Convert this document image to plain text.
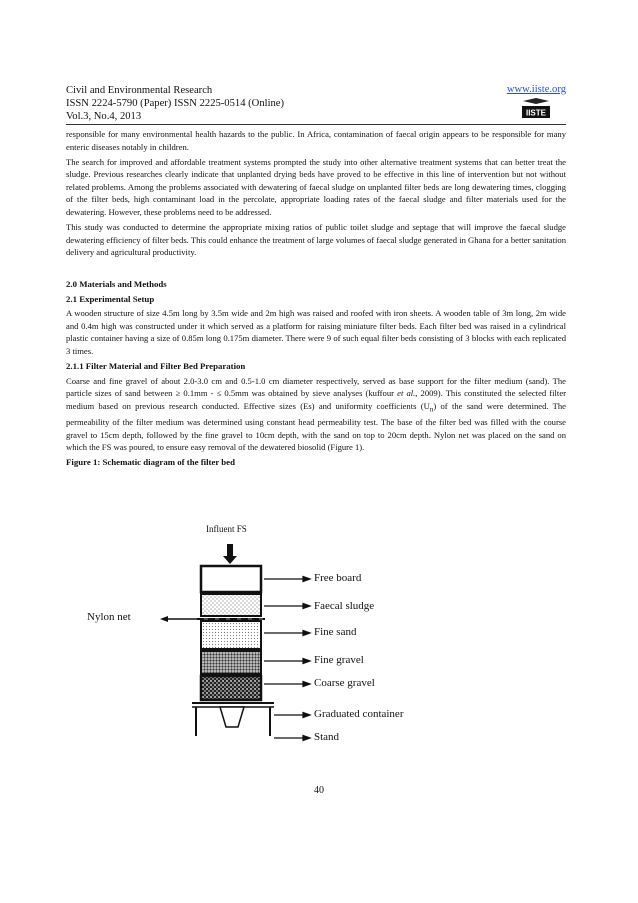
Civil and Environmental Research
ISSN 2224-5790 (Paper) ISSN 2225-0514 (Online)
Vol.3, No.4, 2013
www.iiste.org
IISTE

responsible for many environmental health hazards to the public. In Africa, contamination of faecal origin appears to be responsible for many enteric diseases notably in children.

The search for improved and affordable treatment systems prompted the study into other alternative treatment systems that can better treat the sludge. Previous researches clearly indicate that unplanted drying beds have proved to be effective in this line of intervention but not without related problems. Among the problems associated with dewatering of faecal sludge on unplanted filter beds are long dewatering times, clogging of the filter beds, high contaminant load in the percolate, appropriate loading rates of the faecal sludge and filter materials used for the dewatering. However, these problems need to be addressed.

This study was conducted to determine the appropriate mixing ratios of public toilet sludge and septage that will improve the faecal sludge dewatering efficiency of filter beds. This could enhance the treatment of large volumes of faecal sludge generated in Ghana for a better sanitation delivery and agricultural productivity.

2.0 Materials and Methods
2.1 Experimental Setup

A wooden structure of size 4.5m long by 3.5m wide and 2m high was raised and roofed with iron sheets. A wooden table of 3m long, 2m wide and 0.4m high was constructed under it which served as a platform for raising miniature filter beds. Each filter bed was raised in a cylindrical plastic container having a size of 0.85m long 0.175m diameter. There were 9 of such equal filter beds consisting of 3 blocks with each replicated 3 times.

2.1.1 Filter Material and Filter Bed Preparation

Coarse and fine gravel of about 2.0-3.0 cm and 0.5-1.0 cm diameter respectively, served as base support for the filter medium (sand). The particle sizes of sand between ≥ 0.1mm - ≤ 0.5mm was obtained by sieve analyses (kuffour et al., 2009). This constituted the selected filter medium based on previous research conducted. Effective sizes (Es) and uniformity coefficients $(U_n)$ of the sand were determined. The permeability of the filter medium was determined using constant head permeability test. The base of the filter bed was filled with the course gravel to 15cm depth, followed by the fine gravel to 10cm depth, with the sand on top to 20cm depth. Nylon net was placed on the sand on which the FS was poured, to ensure easy removal of the dewatered biosolid (Figure 1).

Figure 1: Schematic diagram of the filter bed
Influent FS
Nylon net
Free board
Faecal sludge
Fine sand
Fine gravel
Coarse gravel
Graduated container
Stand
40
